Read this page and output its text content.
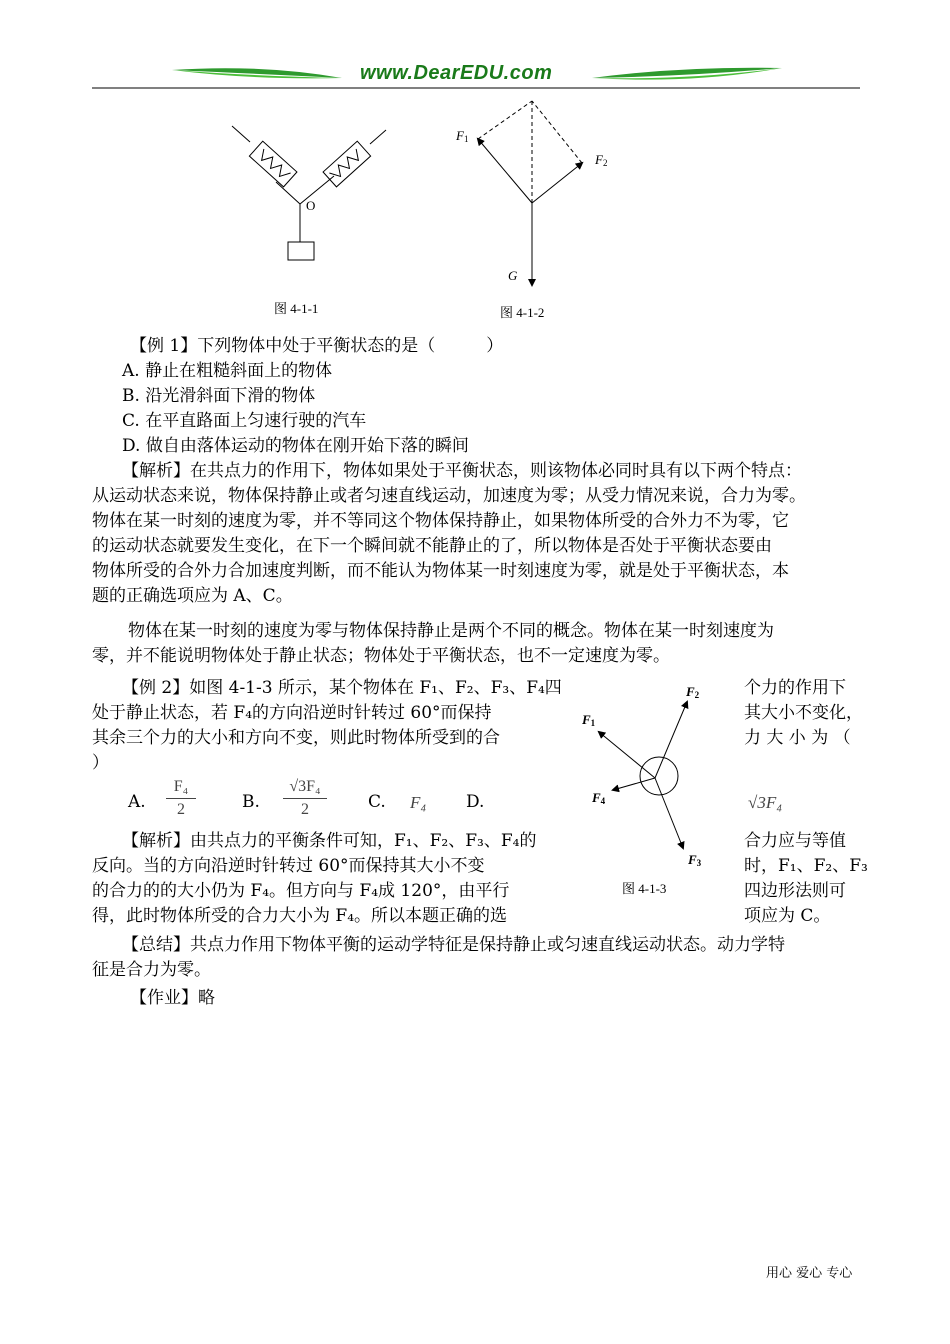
www.DearEDU.com
O
图 4-1-1
$F_1$
$F_2$
G
图 4-1-2
【例 1】下列物体中处于平衡状态的是（　　　）
A. 静止在粗糙斜面上的物体
B. 沿光滑斜面下滑的物体
C. 在平直路面上匀速行驶的汽车
D. 做自由落体运动的物体在刚开始下落的瞬间
【解析】在共点力的作用下，物体如果处于平衡状态，则该物体必同时具有以下两个特点：
从运动状态来说，物体保持静止或者匀速直线运动，加速度为零；从受力情况来说，合力为零。
物体在某一时刻的速度为零，并不等同这个物体保持静止，如果物体所受的合外力不为零，它
的运动状态就要发生变化，在下一个瞬间就不能静止的了，所以物体是否处于平衡状态要由
物体所受的合外力合加速度判断，而不能认为物体某一时刻速度为零，就是处于平衡状态，本
题的正确选项应为 A、C。
物体在某一时刻的速度为零与物体保持静止是两个不同的概念。物体在某一时刻速度为
零，并不能说明物体处于静止状态；物体处于平衡状态，也不一定速度为零。
【例 2】如图 4-1-3 所示，某个物体在 F₁、F₂、F₃、F₄四
处于静止状态，若 F₄的方向沿逆时针转过 60°而保持
其余三个力的大小和方向不变，则此时物体所受到的合
）
个力的作用下
其大小不变化，
力 大 小 为 （
A.
F₄
2	B.
√3F₄
2	C. F₄ D.	√3F₄
$F_2$
$F_1$
$F_4$
$F_3$
图 4-1-3
【解析】由共点力的平衡条件可知，F₁、F₂、F₃、F₄的
反向。当的方向沿逆时针转过 60°而保持其大小不变
的合力的的大小仍为 F₄。但方向与 F₄成 120°，由平行
得，此时物体所受的合力大小为 F₄。所以本题正确的选
合力应与等值
时，F₁、F₂、F₃
四边形法则可
项应为 C。
【总结】共点力作用下物体平衡的运动学特征是保持静止或匀速直线运动状态。动力学特
征是合力为零。
【作业】略
用心 爱心 专心
